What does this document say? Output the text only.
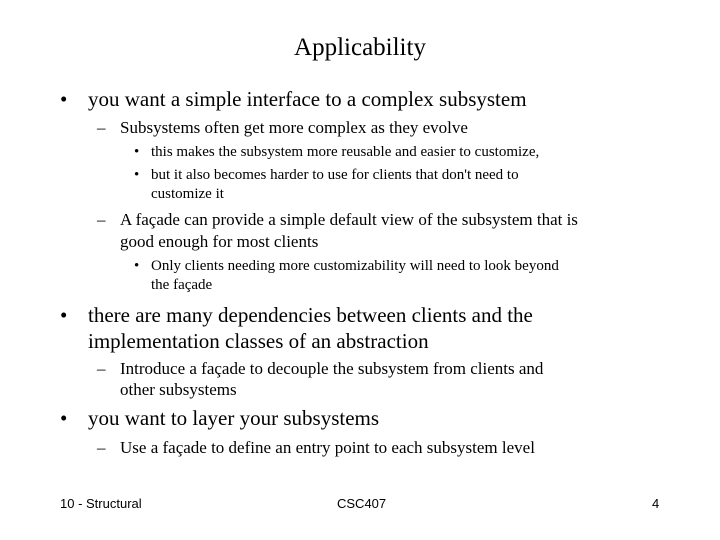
Applicability
• you want a simple interface to a complex subsystem
– Subsystems often get more complex as they evolve
• this makes the subsystem more reusable and easier to customize,
• but it also becomes harder to use for clients that don't need to
customize it
– A façade can provide a simple default view of the subsystem that is
good enough for most clients
• Only clients needing more customizability will need to look beyond
the façade
• there are many dependencies between clients and the
implementation classes of an abstraction
– Introduce a façade to decouple the subsystem from clients and
other subsystems
• you want to layer your subsystems
– Use a façade to define an entry point to each subsystem level
10 - Structural	CSC407	4
